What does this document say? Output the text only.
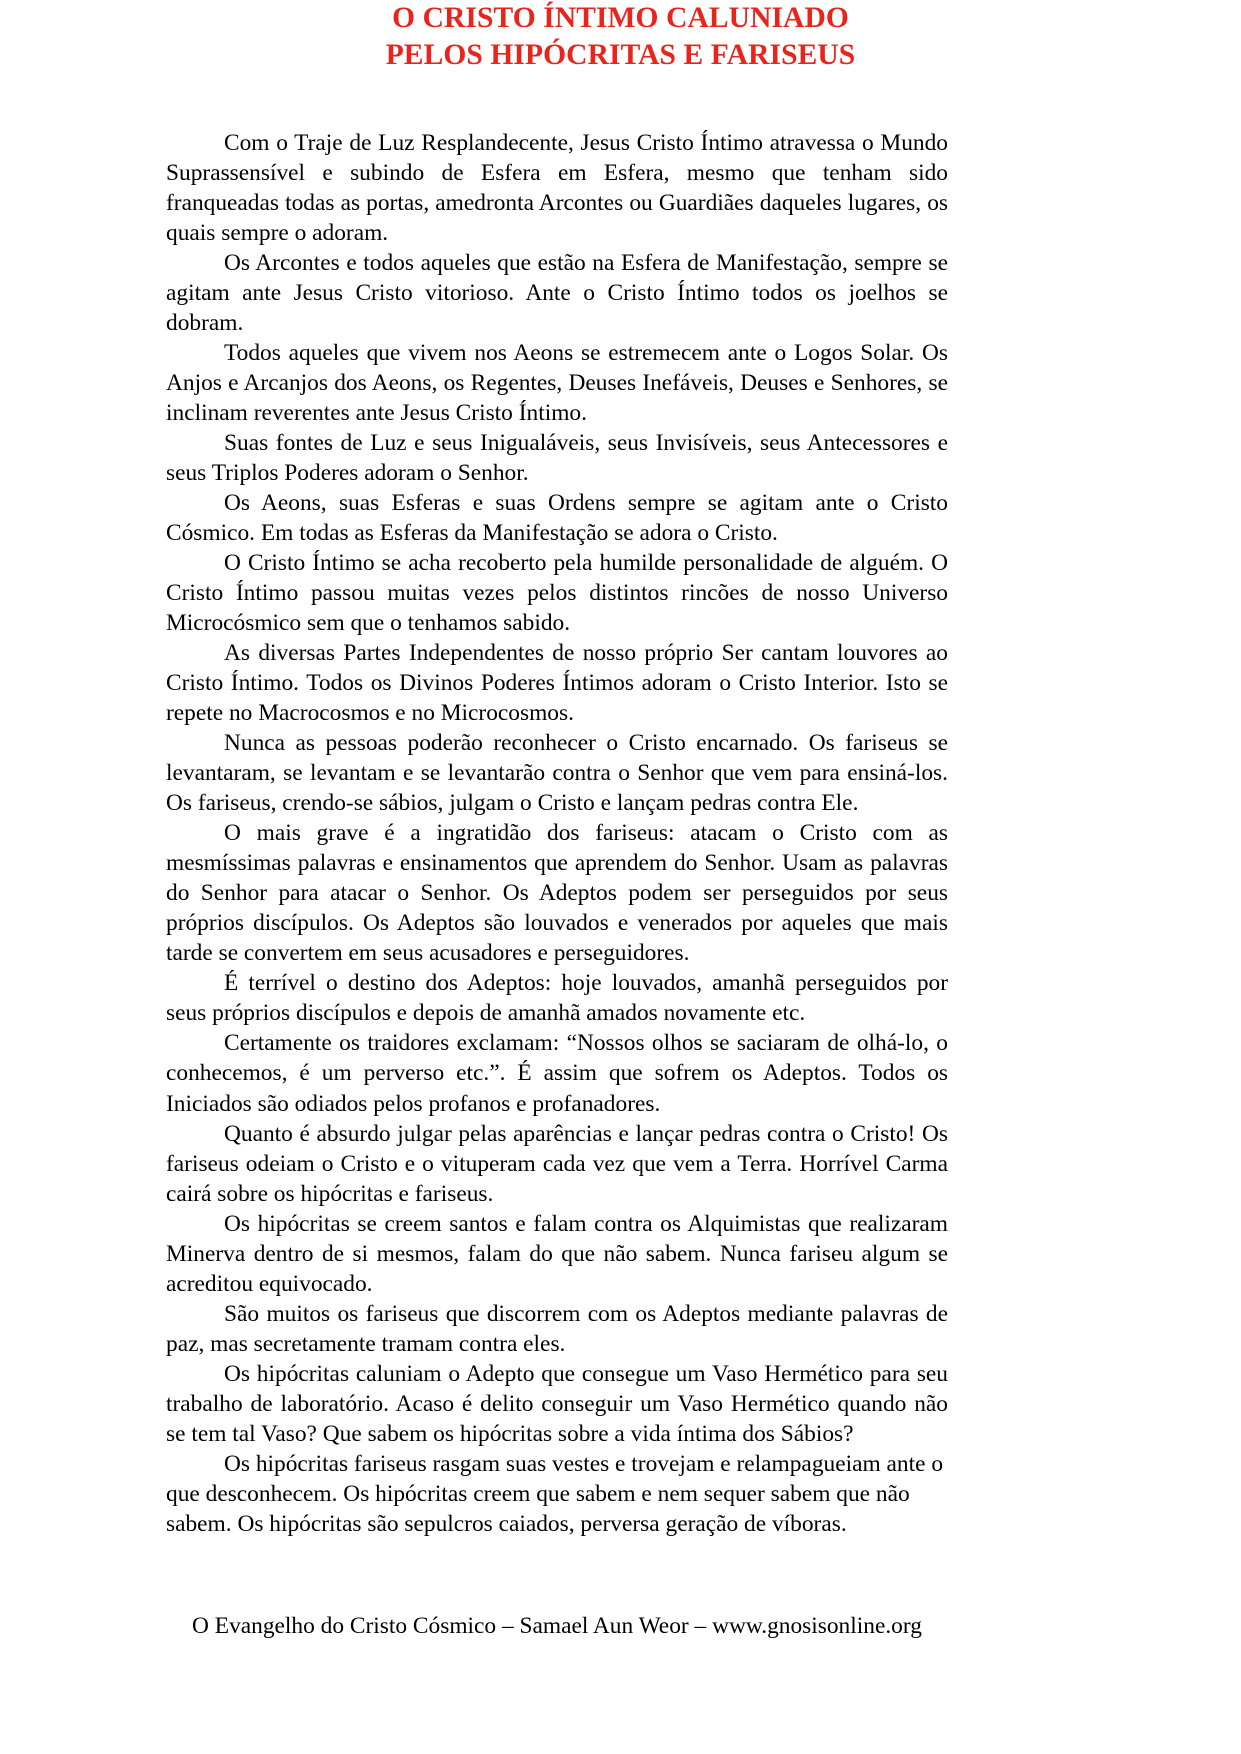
O CRISTO ÍNTIMO CALUNIADO
PELOS HIPÓCRITAS E FARISEUS

Com o Traje de Luz Resplandecente, Jesus Cristo Íntimo atravessa o Mundo Suprassensível e subindo de Esfera em Esfera, mesmo que tenham sido franqueadas todas as portas, amedronta Arcontes ou Guardiães daqueles lugares, os quais sempre o adoram.

Os Arcontes e todos aqueles que estão na Esfera de Manifestação, sempre se agitam ante Jesus Cristo vitorioso. Ante o Cristo Íntimo todos os joelhos se dobram.

Todos aqueles que vivem nos Aeons se estremecem ante o Logos Solar. Os Anjos e Arcanjos dos Aeons, os Regentes, Deuses Inefáveis, Deuses e Senhores, se inclinam reverentes ante Jesus Cristo Íntimo.

Suas fontes de Luz e seus Inigualáveis, seus Invisíveis, seus Antecessores e seus Triplos Poderes adoram o Senhor.

Os Aeons, suas Esferas e suas Ordens sempre se agitam ante o Cristo Cósmico. Em todas as Esferas da Manifestação se adora o Cristo.

O Cristo Íntimo se acha recoberto pela humilde personalidade de alguém. O Cristo Íntimo passou muitas vezes pelos distintos rincões de nosso Universo Microcósmico sem que o tenhamos sabido.

As diversas Partes Independentes de nosso próprio Ser cantam louvores ao Cristo Íntimo. Todos os Divinos Poderes Íntimos adoram o Cristo Interior. Isto se repete no Macrocosmos e no Microcosmos.

Nunca as pessoas poderão reconhecer o Cristo encarnado. Os fariseus se levantaram, se levantam e se levantarão contra o Senhor que vem para ensiná-los. Os fariseus, crendo-se sábios, julgam o Cristo e lançam pedras contra Ele.

O mais grave é a ingratidão dos fariseus: atacam o Cristo com as mesmíssimas palavras e ensinamentos que aprendem do Senhor. Usam as palavras do Senhor para atacar o Senhor. Os Adeptos podem ser perseguidos por seus próprios discípulos. Os Adeptos são louvados e venerados por aqueles que mais tarde se convertem em seus acusadores e perseguidores.

É terrível o destino dos Adeptos: hoje louvados, amanhã perseguidos por seus próprios discípulos e depois de amanhã amados novamente etc.

Certamente os traidores exclamam: “Nossos olhos se saciaram de olhá-lo, o conhecemos, é um perverso etc.”. É assim que sofrem os Adeptos. Todos os Iniciados são odiados pelos profanos e profanadores.

Quanto é absurdo julgar pelas aparências e lançar pedras contra o Cristo! Os fariseus odeiam o Cristo e o vituperam cada vez que vem a Terra. Horrível Carma cairá sobre os hipócritas e fariseus.

Os hipócritas se creem santos e falam contra os Alquimistas que realizaram Minerva dentro de si mesmos, falam do que não sabem. Nunca fariseu algum se acreditou equivocado.

São muitos os fariseus que discorrem com os Adeptos mediante palavras de paz, mas secretamente tramam contra eles.

Os hipócritas caluniam o Adepto que consegue um Vaso Hermético para seu trabalho de laboratório. Acaso é delito conseguir um Vaso Hermético quando não se tem tal Vaso? Que sabem os hipócritas sobre a vida íntima dos Sábios?

Os hipócritas fariseus rasgam suas vestes e trovejam e relampagueiam ante o que desconhecem. Os hipócritas creem que sabem e nem sequer sabem que não sabem. Os hipócritas são sepulcros caiados, perversa geração de víboras.

O Evangelho do Cristo Cósmico – Samael Aun Weor – www.gnosisonline.org
